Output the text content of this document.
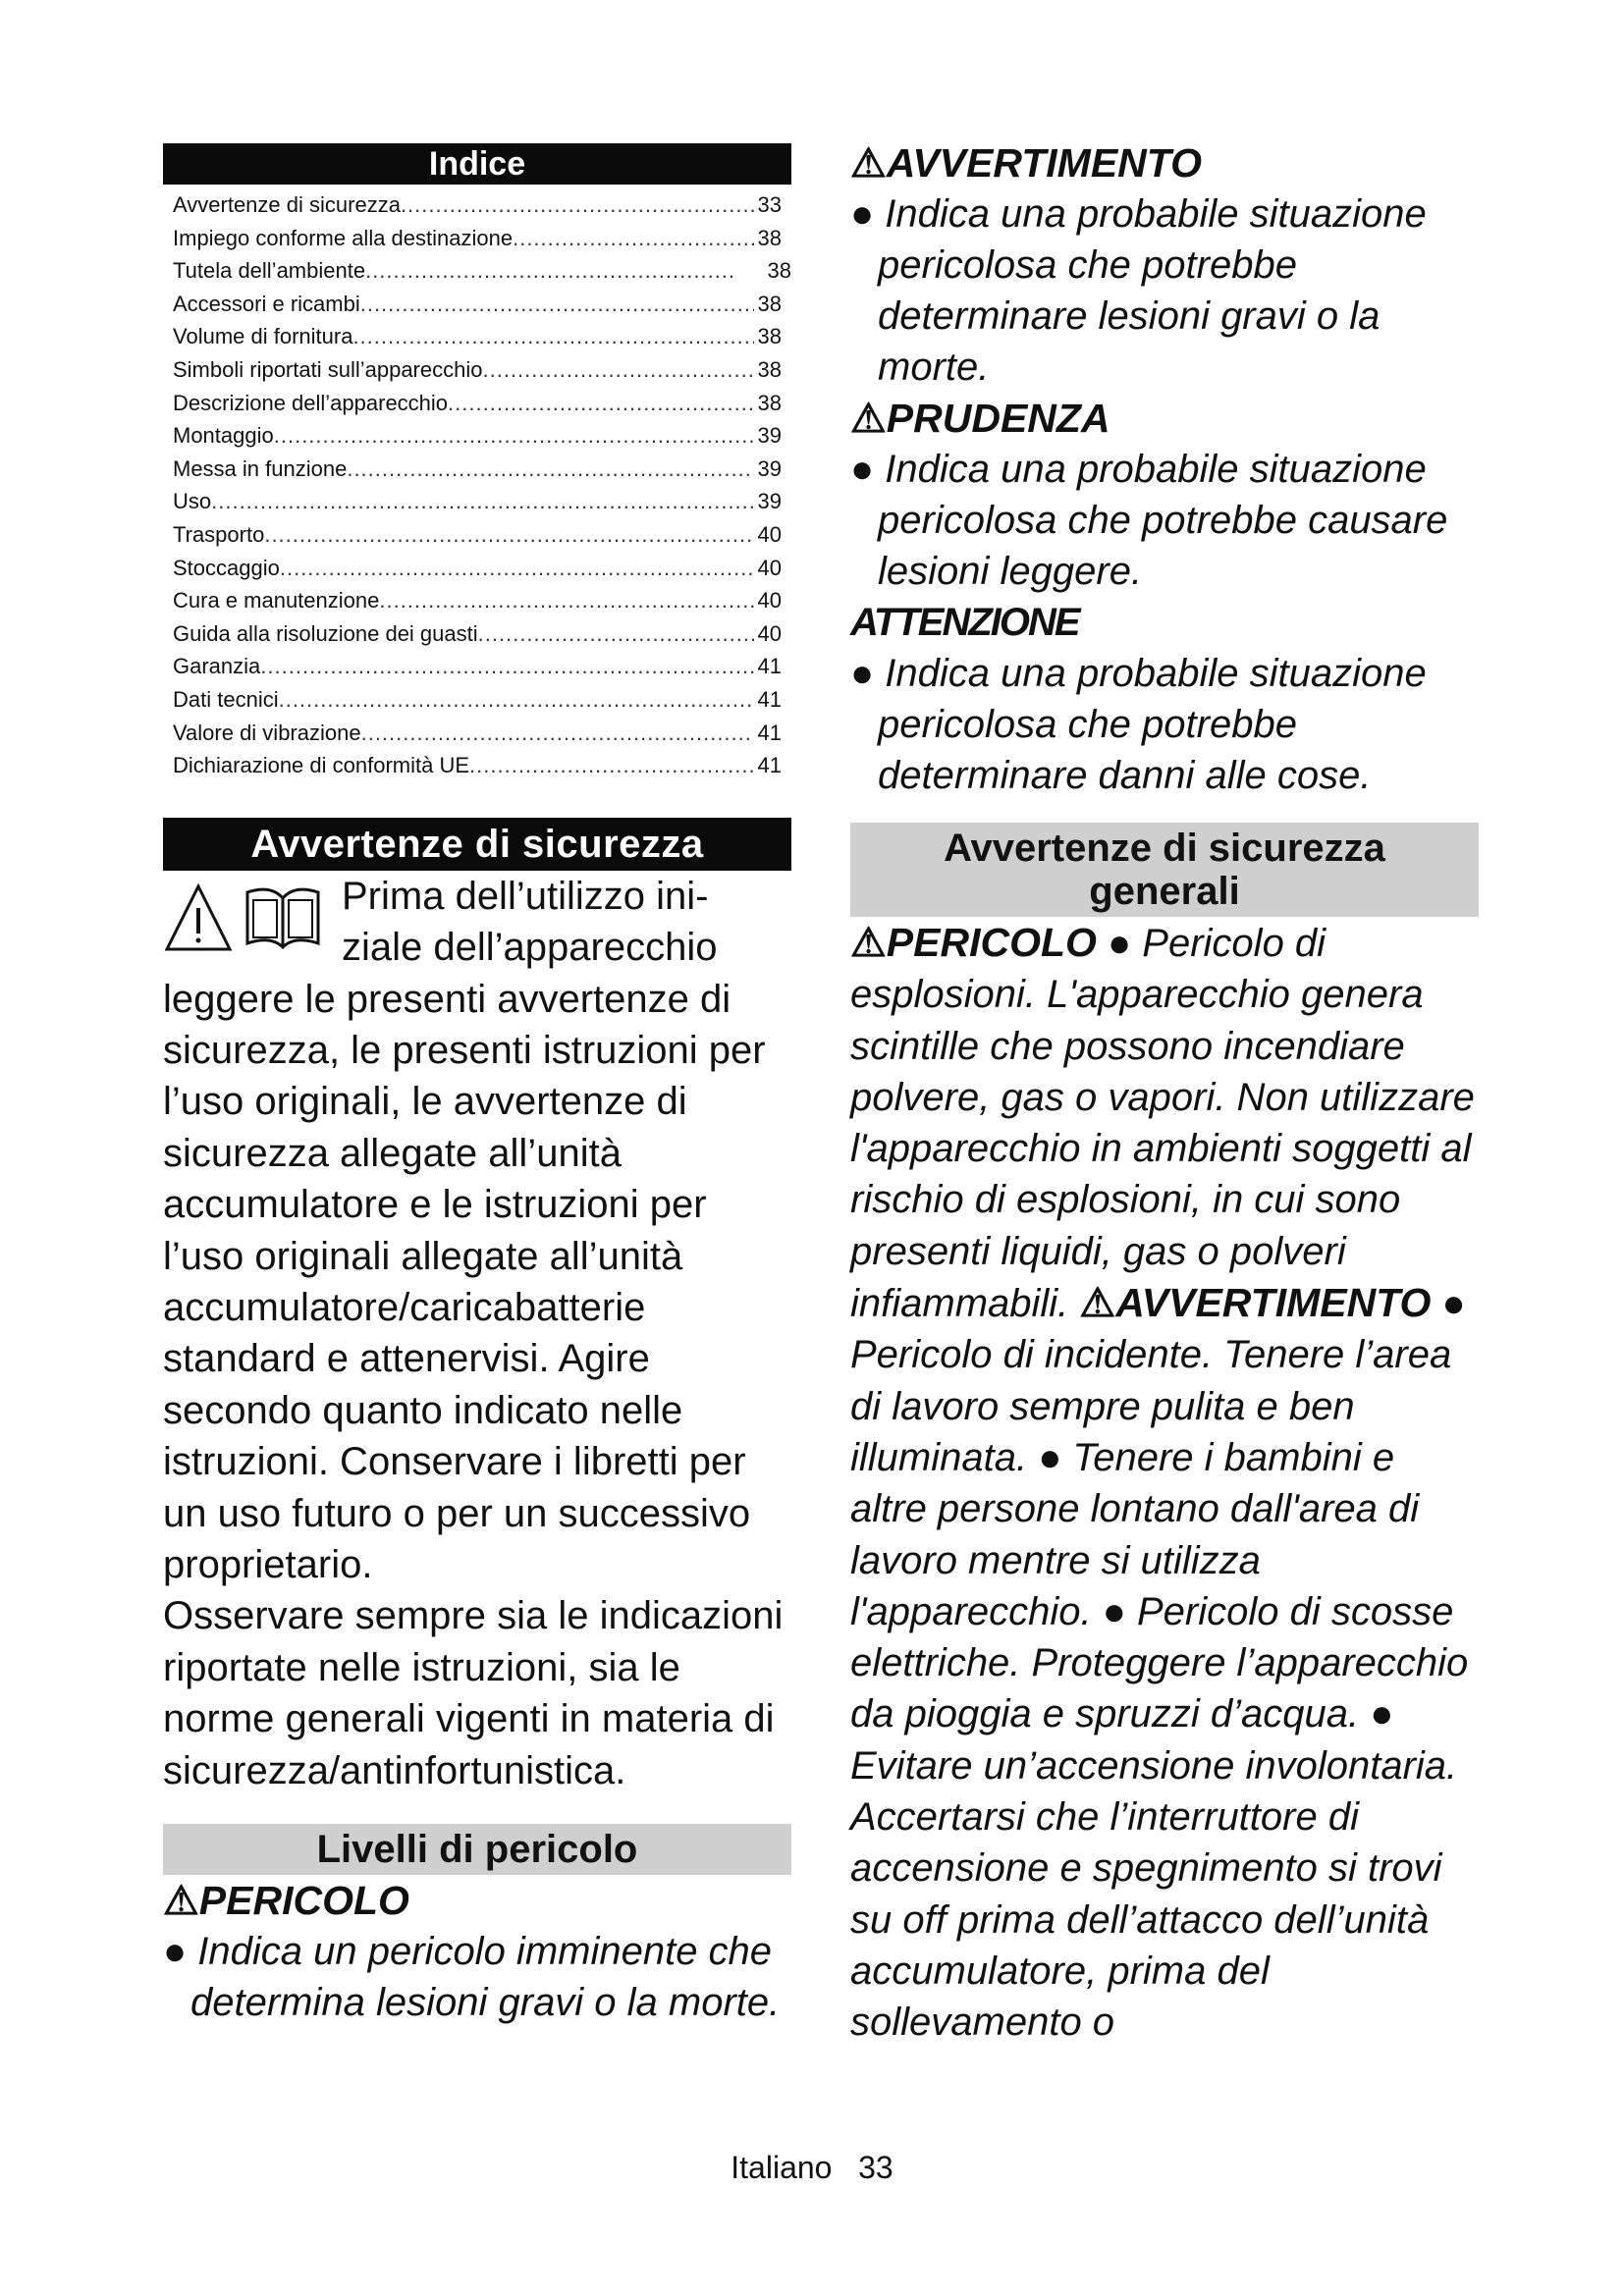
Indice
Avvertenze di sicurezza .....	33
Impiego conforme alla destinazione .....	38
Tutela dell’ambiente .....	38
Accessori e ricambi .....	38
Volume di fornitura .....	38
Simboli riportati sull’apparecchio .....	38
Descrizione dell’apparecchio .....	38
Montaggio .....	39
Messa in funzione .....	39
Uso .....	39
Trasporto .....	40
Stoccaggio .....	40
Cura e manutenzione .....	40
Guida alla risoluzione dei guasti .....	40
Garanzia .....	41
Dati tecnici .....	41
Valore di vibrazione .....	41
Dichiarazione di conformità UE .....	41
Avvertenze di sicurezza
Prima dell’utilizzo ini-
ziale dell’apparecchio
leggere le presenti avvertenze di sicurezza, le presenti istruzioni per l’uso originali, le avvertenze di sicurezza allegate all’unità accumulatore e le istruzioni per l’uso originali allegate all’unità accumulatore/caricabatterie standard e attenervisi. Agire secondo quanto indicato nelle istruzioni. Conservare i libretti per un uso futuro o per un successivo proprietario.
Osservare sempre sia le indicazioni riportate nelle istruzioni, sia le norme generali vigenti in materia di sicurezza/antinfortunistica.
Livelli di pericolo
⚠PERICOLO
● Indica un pericolo imminente che determina lesioni gravi o la morte.
⚠AVVERTIMENTO
● Indica una probabile situazione pericolosa che potrebbe determinare lesioni gravi o la morte.
⚠PRUDENZA
● Indica una probabile situazione pericolosa che potrebbe causare lesioni leggere.
ATTENZIONE
● Indica una probabile situazione pericolosa che potrebbe determinare danni alle cose.
Avvertenze di sicurezza
generali
⚠PERICOLO ● Pericolo di esplosioni. L'apparecchio genera scintille che possono incendiare polvere, gas o vapori. Non utilizzare l'apparecchio in ambienti soggetti al rischio di esplosioni, in cui sono presenti liquidi, gas o polveri infiammabili. ⚠AVVERTIMENTO ● Pericolo di incidente. Tenere l’area di lavoro sempre pulita e ben illuminata. ● Tenere i bambini e altre persone lontano dall'area di lavoro mentre si utilizza l'apparecchio. ● Pericolo di scosse elettriche. Proteggere l’apparecchio da pioggia e spruzzi d’acqua. ● Evitare un’accensione involontaria. Accertarsi che l’interruttore di accensione e spegnimento si trovi su off prima dell’attacco dell’unità accumulatore, prima del sollevamento o
Italiano 33
